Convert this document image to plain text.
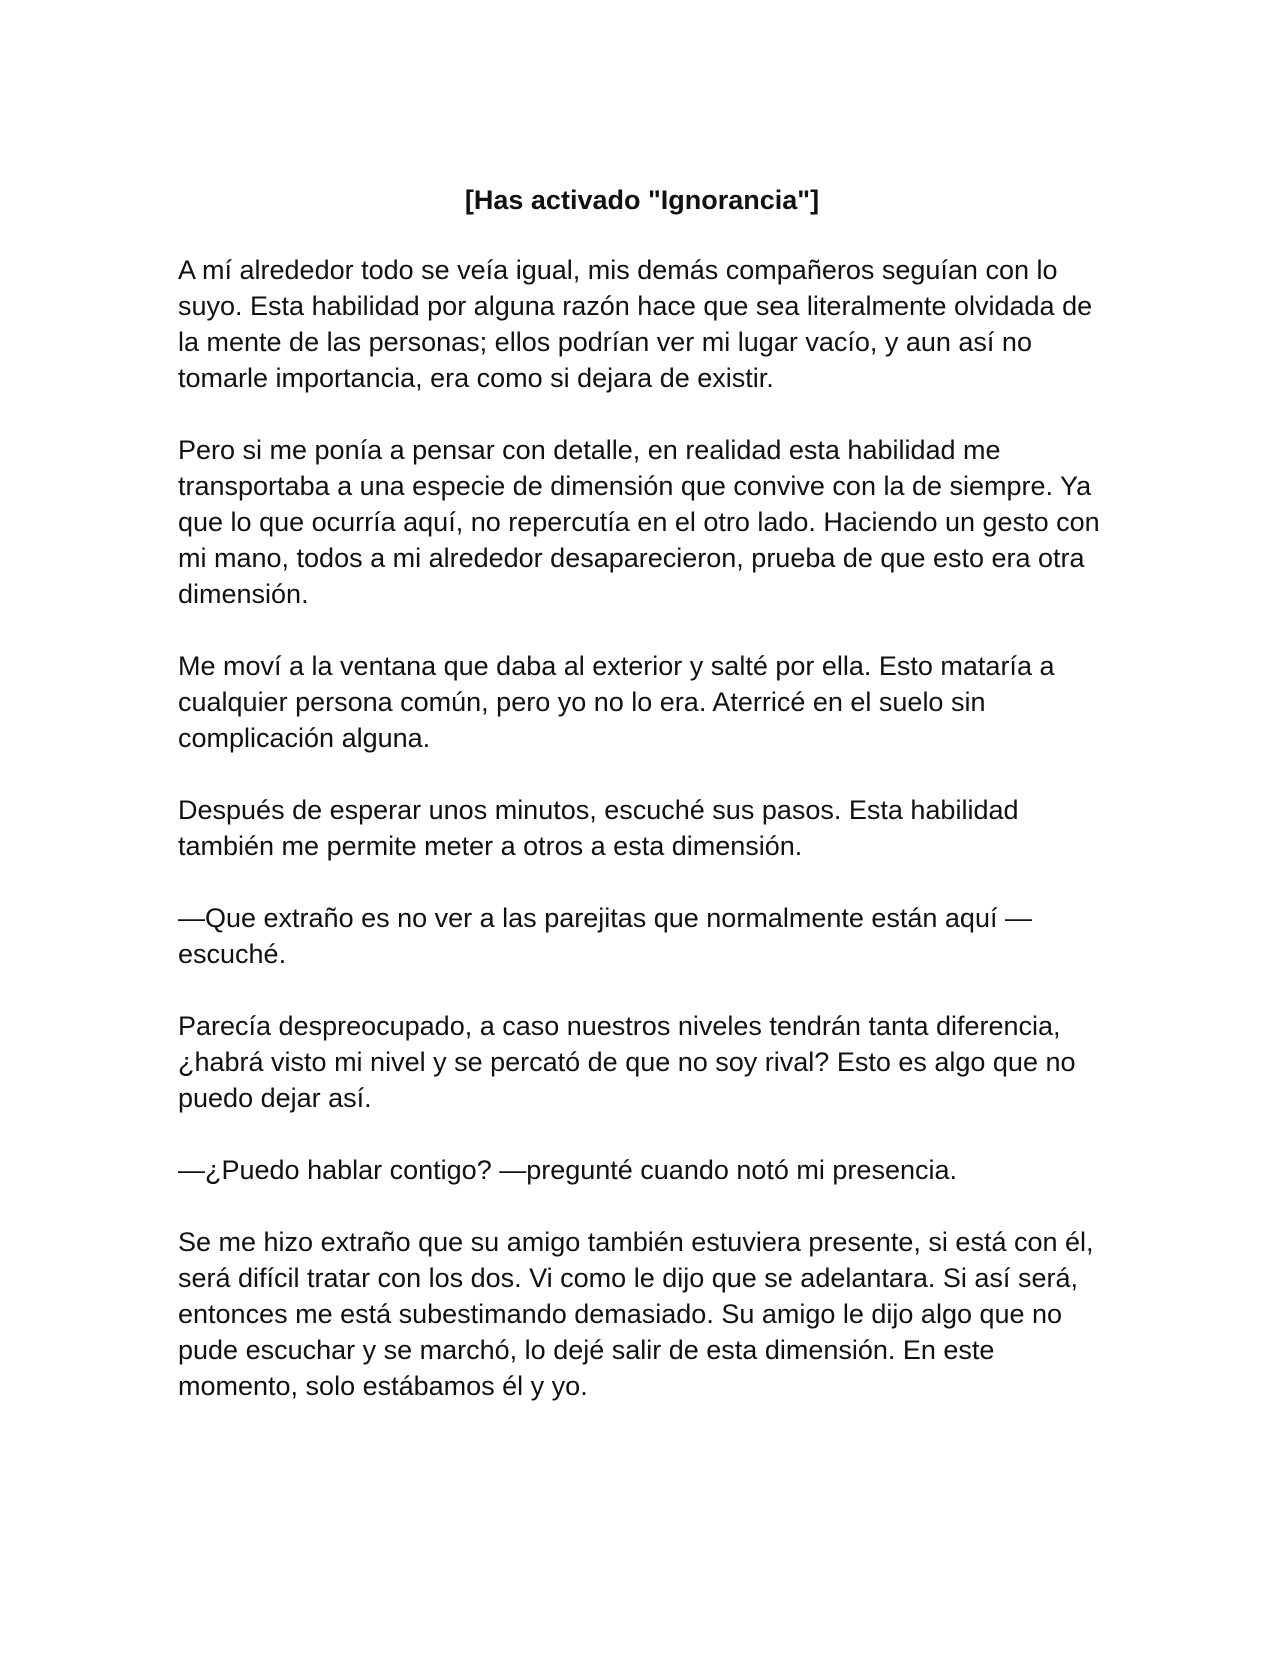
[Has activado "Ignorancia"]

A mí alrededor todo se veía igual, mis demás compañeros seguían con lo suyo. Esta habilidad por alguna razón hace que sea literalmente olvidada de la mente de las personas; ellos podrían ver mi lugar vacío, y aun así no tomarle importancia, era como si dejara de existir.

Pero si me ponía a pensar con detalle, en realidad esta habilidad me transportaba a una especie de dimensión que convive con la de siempre. Ya que lo que ocurría aquí, no repercutía en el otro lado. Haciendo un gesto con mi mano, todos a mi alrededor desaparecieron, prueba de que esto era otra dimensión.

Me moví a la ventana que daba al exterior y salté por ella. Esto mataría a cualquier persona común, pero yo no lo era. Aterricé en el suelo sin complicación alguna.

Después de esperar unos minutos, escuché sus pasos. Esta habilidad también me permite meter a otros a esta dimensión.

—Que extraño es no ver a las parejitas que normalmente están aquí —escuché.

Parecía despreocupado, a caso nuestros niveles tendrán tanta diferencia, ¿habrá visto mi nivel y se percató de que no soy rival? Esto es algo que no puedo dejar así.

—¿Puedo hablar contigo? —pregunté cuando notó mi presencia.

Se me hizo extraño que su amigo también estuviera presente, si está con él, será difícil tratar con los dos. Vi como le dijo que se adelantara. Si así será, entonces me está subestimando demasiado. Su amigo le dijo algo que no pude escuchar y se marchó, lo dejé salir de esta dimensión. En este momento, solo estábamos él y yo.
